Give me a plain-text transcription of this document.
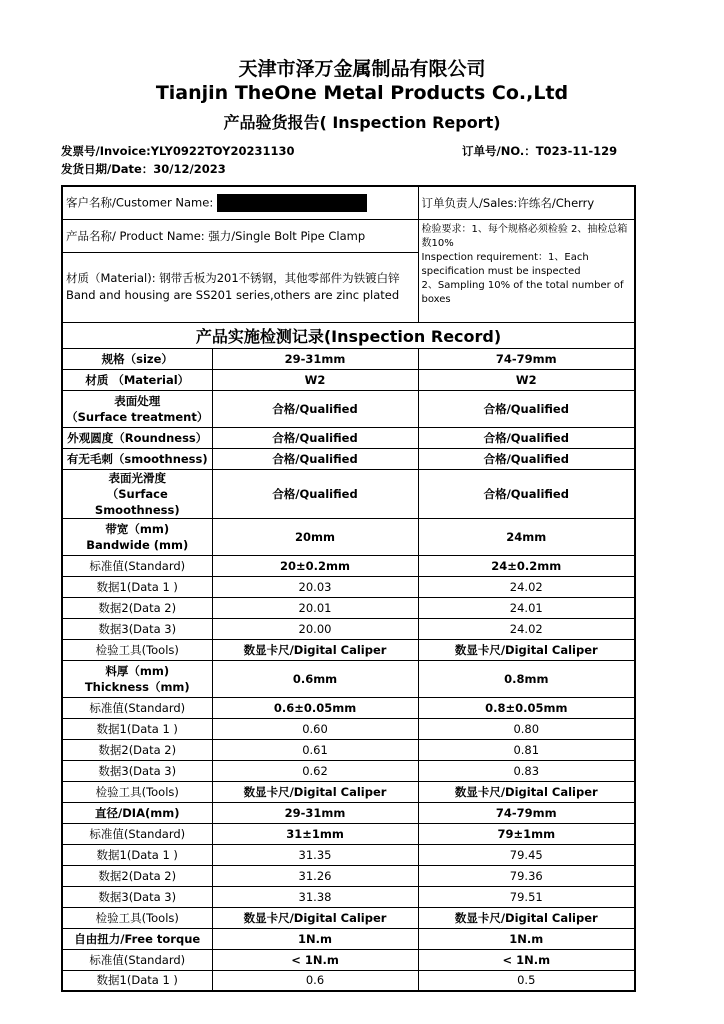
天津市泽万金属制品有限公司
Tianjin TheOne Metal Products Co.,Ltd
产品验货报告( Inspection Report)
发票号/Invoice:YLY0922TOY20231130
发货日期/Date：30/12/2023
订单号/NO.：T023-11-129
客户名称/Customer Name:		订单负责人/Sales:许练名/Cherry
产品名称/ Product Name: 强力/Single Bolt Pipe Clamp		检验要求：1、每个规格必须检验 2、抽检总箱数10%
Inspection requirement：1、Each specification must be inspected
2、Sampling 10% of the total number of boxes
材质（Material): 钢带舌板为201不锈钢，其他零部件为铁镀白锌
Band and housing are SS201 series,others are zinc plated		
产品实施检测记录(Inspection Record)		
规格（size）	29-31mm	74-79mm
材质 （Material）	W2	W2
表面处理
（Surface treatment）	合格/Qualified	合格/Qualified
外观圆度（Roundness）	合格/Qualified	合格/Qualified
有无毛刺（smoothness)	合格/Qualified	合格/Qualified
表面光滑度
（Surface Smoothness)	合格/Qualified	合格/Qualified
带宽（mm)
Bandwide (mm)	20mm	24mm
标准值(Standard)	20±0.2mm	24±0.2mm
数据1(Data 1 )	20.03	24.02
数据2(Data 2)	20.01	24.01
数据3(Data 3)	20.00	24.02
检验工具(Tools)	数显卡尺/Digital Caliper	数显卡尺/Digital Caliper
料厚（mm)
Thickness（mm)	0.6mm	0.8mm
标准值(Standard)	0.6±0.05mm	0.8±0.05mm
数据1(Data 1 )	0.60	0.80
数据2(Data 2)	0.61	0.81
数据3(Data 3)	0.62	0.83
检验工具(Tools)	数显卡尺/Digital Caliper	数显卡尺/Digital Caliper
直径/DIA(mm)	29-31mm	74-79mm
标准值(Standard)	31±1mm	79±1mm
数据1(Data 1 )	31.35	79.45
数据2(Data 2)	31.26	79.36
数据3(Data 3)	31.38	79.51
检验工具(Tools)	数显卡尺/Digital Caliper	数显卡尺/Digital Caliper
自由扭力/Free torque	1N.m	1N.m
标准值(Standard)	< 1N.m	< 1N.m
数据1(Data 1 )	0.6	0.5
